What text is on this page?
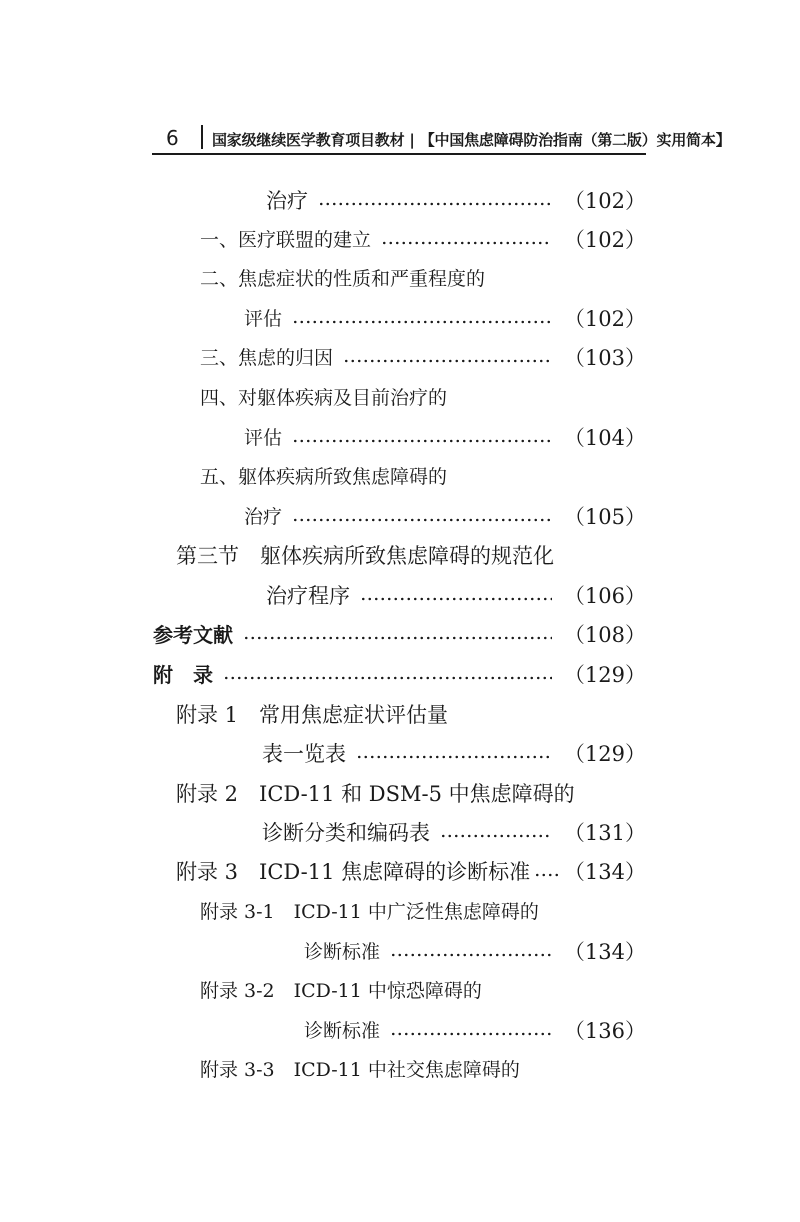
6 国家级继续医学教育项目教材 | 【中国焦虑障碍防治指南（第二版）实用简本】
治疗	（102）
一、医疗联盟的建立	（102）
二、焦虑症状的性质和严重程度的
评估	（102）
三、焦虑的归因	（103）
四、对躯体疾病及目前治疗的
评估	（104）
五、躯体疾病所致焦虑障碍的
治疗	（105）
第三节　躯体疾病所致焦虑障碍的规范化
治疗程序	（106）
参考文献	（108）
附　录	（129）
附录 1　常用焦虑症状评估量
表一览表	（129）
附录 2　ICD-11 和 DSM-5 中焦虑障碍的
诊断分类和编码表	（131）
附录 3　ICD-11 焦虑障碍的诊断标准 （134）
附录 3-1　ICD-11 中广泛性焦虑障碍的
诊断标准	（134）
附录 3-2　ICD-11 中惊恐障碍的
诊断标准	（136）
附录 3-3　ICD-11 中社交焦虑障碍的
